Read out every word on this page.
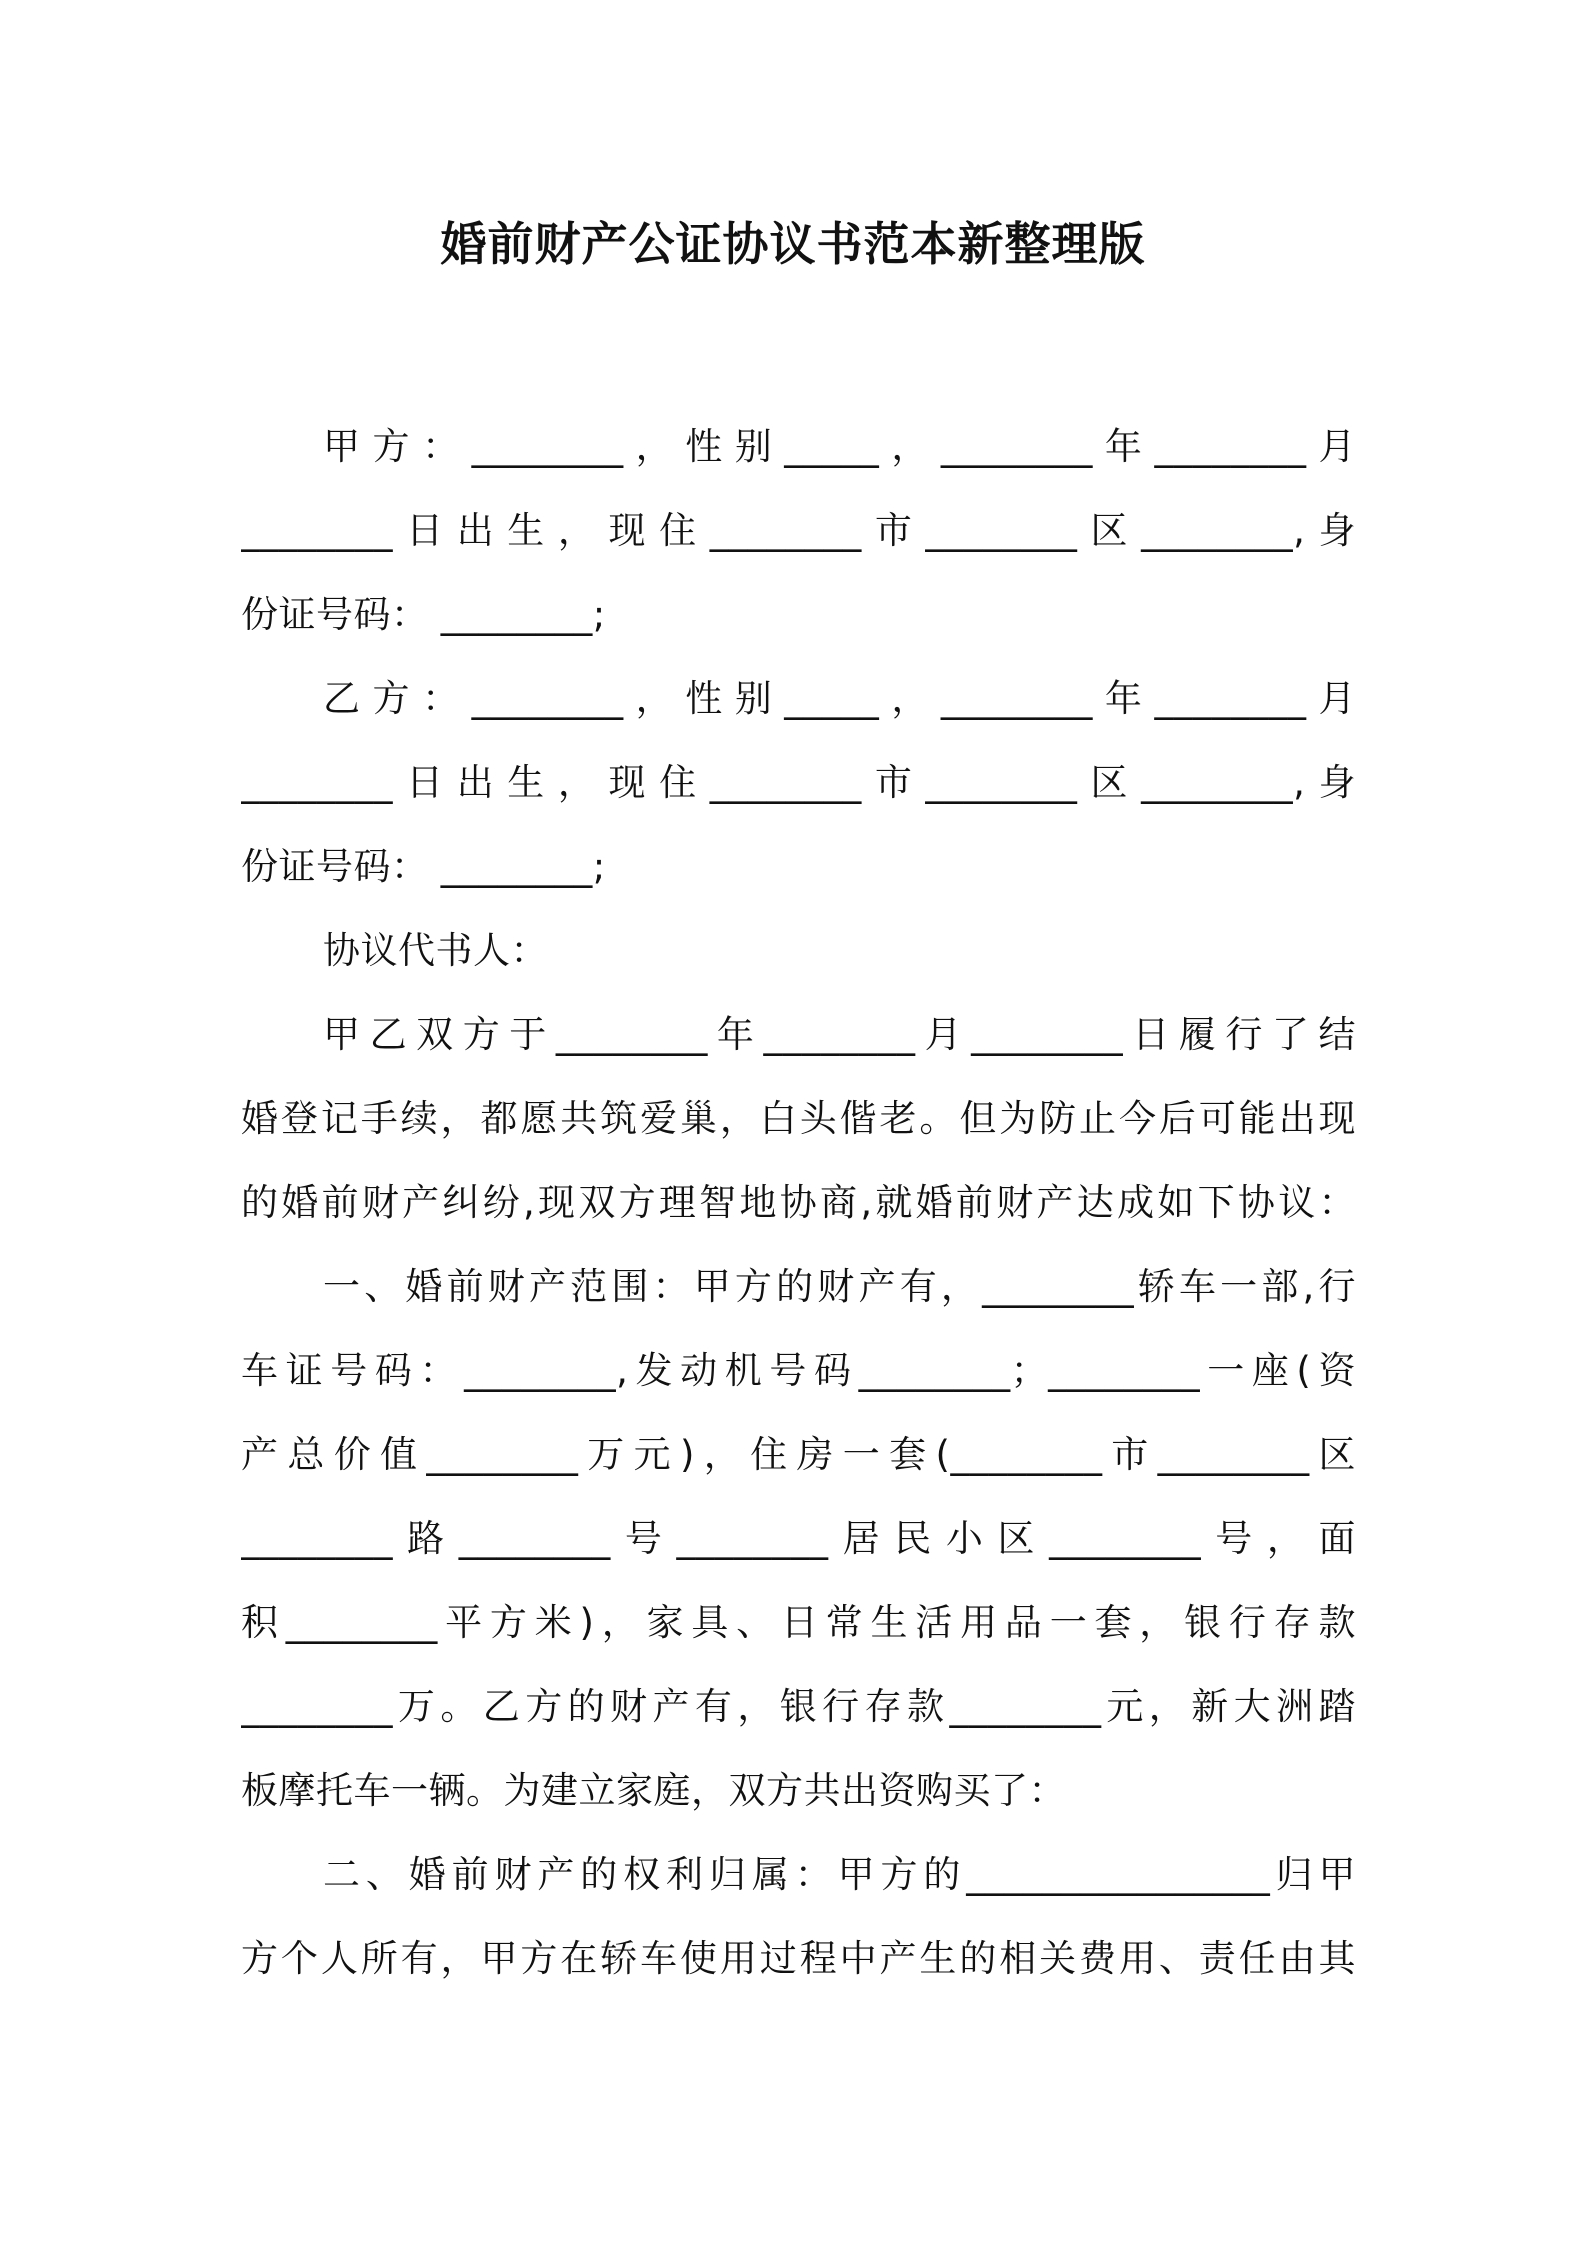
婚前财产公证协议书范本新整理版
甲方：________，性别_____，________年________月
________日出生，现住________市________区________,身
份证号码： ________;
乙方：________，性别_____，________年________月
________日出生，现住________市________区________,身
份证号码： ________;
协议代书人：
甲乙双方于________年________月________日履行了结
婚登记手续，都愿共筑爱巢，白头偕老。但为防止今后可能出现
的婚前财产纠纷,现双方理智地协商,就婚前财产达成如下协议：
一、婚前财产范围：甲方的财产有，________轿车一部,行
车证号码：________,发动机号码________；________一座(资
产总价值________万元)，住房一套(________市________区
________路________号________居民小区________号，面
积________平方米)，家具、日常生活用品一套，银行存款
________万。乙方的财产有，银行存款________元，新大洲踏
板摩托车一辆。为建立家庭，双方共出资购买了：
二、婚前财产的权利归属：甲方的________________归甲
方个人所有，甲方在轿车使用过程中产生的相关费用、责任由其
